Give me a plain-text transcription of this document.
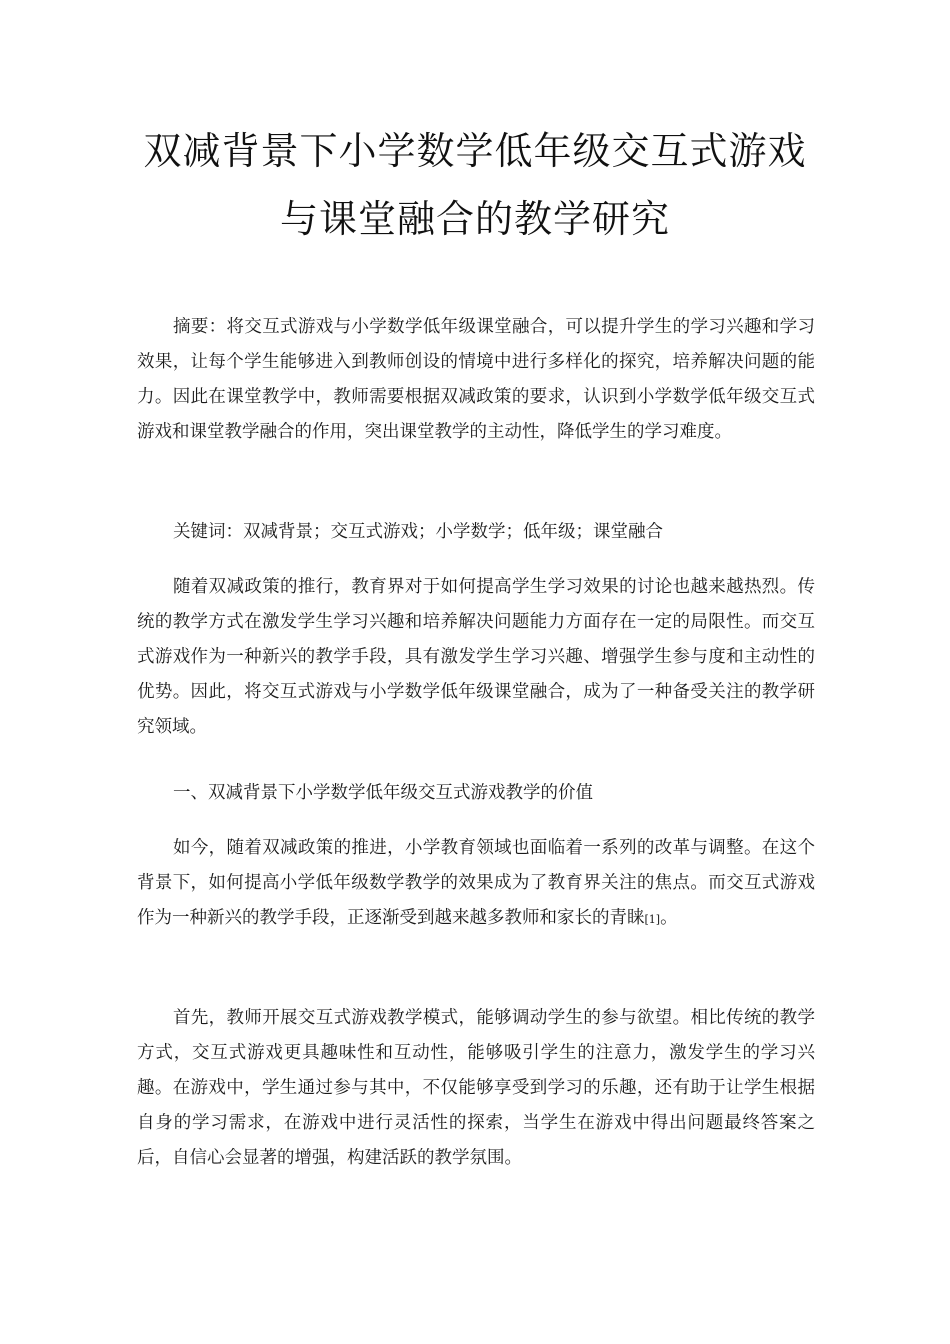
双减背景下小学数学低年级交互式游戏
与课堂融合的教学研究

摘要：将交互式游戏与小学数学低年级课堂融合，可以提升学生的学习兴趣和学习效果，让每个学生能够进入到教师创设的情境中进行多样化的探究，培养解决问题的能力。因此在课堂教学中，教师需要根据双减政策的要求，认识到小学数学低年级交互式游戏和课堂教学融合的作用，突出课堂教学的主动性，降低学生的学习难度。

关键词：双减背景；交互式游戏；小学数学；低年级；课堂融合

随着双减政策的推行，教育界对于如何提高学生学习效果的讨论也越来越热烈。传统的教学方式在激发学生学习兴趣和培养解决问题能力方面存在一定的局限性。而交互式游戏作为一种新兴的教学手段，具有激发学生学习兴趣、增强学生参与度和主动性的优势。因此，将交互式游戏与小学数学低年级课堂融合，成为了一种备受关注的教学研究领域。

一、双减背景下小学数学低年级交互式游戏教学的价值

如今，随着双减政策的推进，小学教育领域也面临着一系列的改革与调整。在这个背景下，如何提高小学低年级数学教学的效果成为了教育界关注的焦点。而交互式游戏作为一种新兴的教学手段，正逐渐受到越来越多教师和家长的青睐[1]。

首先，教师开展交互式游戏教学模式，能够调动学生的参与欲望。相比传统的教学方式，交互式游戏更具趣味性和互动性，能够吸引学生的注意力，激发学生的学习兴趣。在游戏中，学生通过参与其中，不仅能够享受到学习的乐趣，还有助于让学生根据自身的学习需求，在游戏中进行灵活性的探索，当学生在游戏中得出问题最终答案之后，自信心会显著的增强，构建活跃的教学氛围。
